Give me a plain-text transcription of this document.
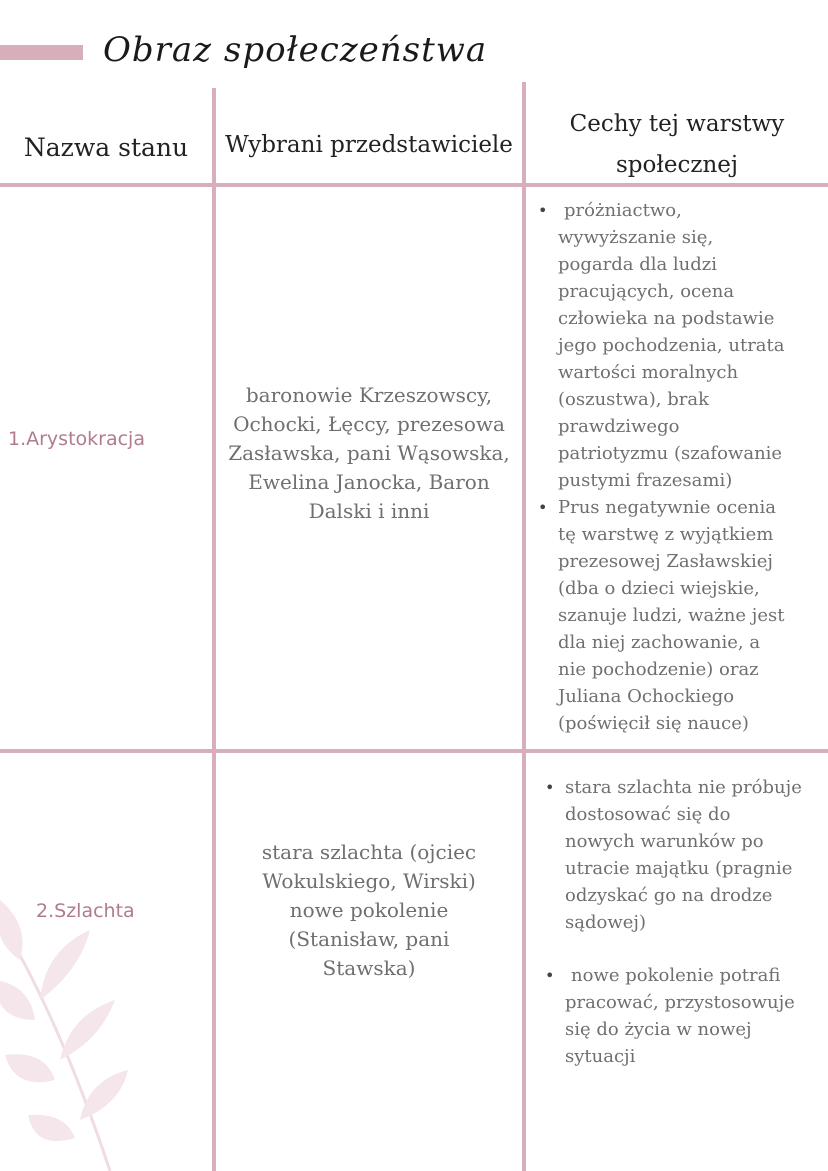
Obraz społeczeństwa
Nazwa stanu	Wybrani przedstawiciele
Cechy tej warstwy
społecznej
1.Arystokracja
baronowie Krzeszowscy,
Ochocki, Łęccy, prezesowa
Zasławska, pani Wąsowska,
Ewelina Janocka, Baron
Dalski i inni
• próżniactwo,
wywyższanie się,
pogarda dla ludzi
pracujących, ocena
człowieka na podstawie
jego pochodzenia, utrata
wartości moralnych
(oszustwa), brak
prawdziwego
patriotyzmu (szafowanie
pustymi frazesami)
• Prus negatywnie ocenia
tę warstwę z wyjątkiem
prezesowej Zasławskiej
(dba o dzieci wiejskie,
szanuje ludzi, ważne jest
dla niej zachowanie, a
nie pochodzenie) oraz
Juliana Ochockiego
(poświęcił się nauce)
2.Szlachta
stara szlachta (ojciec
Wokulskiego, Wirski)
nowe pokolenie
(Stanisław, pani
Stawska)
• stara szlachta nie próbuje
dostosować się do
nowych warunków po
utracie majątku (pragnie
odzyskać go na drodze
sądowej)
• nowe pokolenie potrafi
pracować, przystosowuje
się do życia w nowej
sytuacji
